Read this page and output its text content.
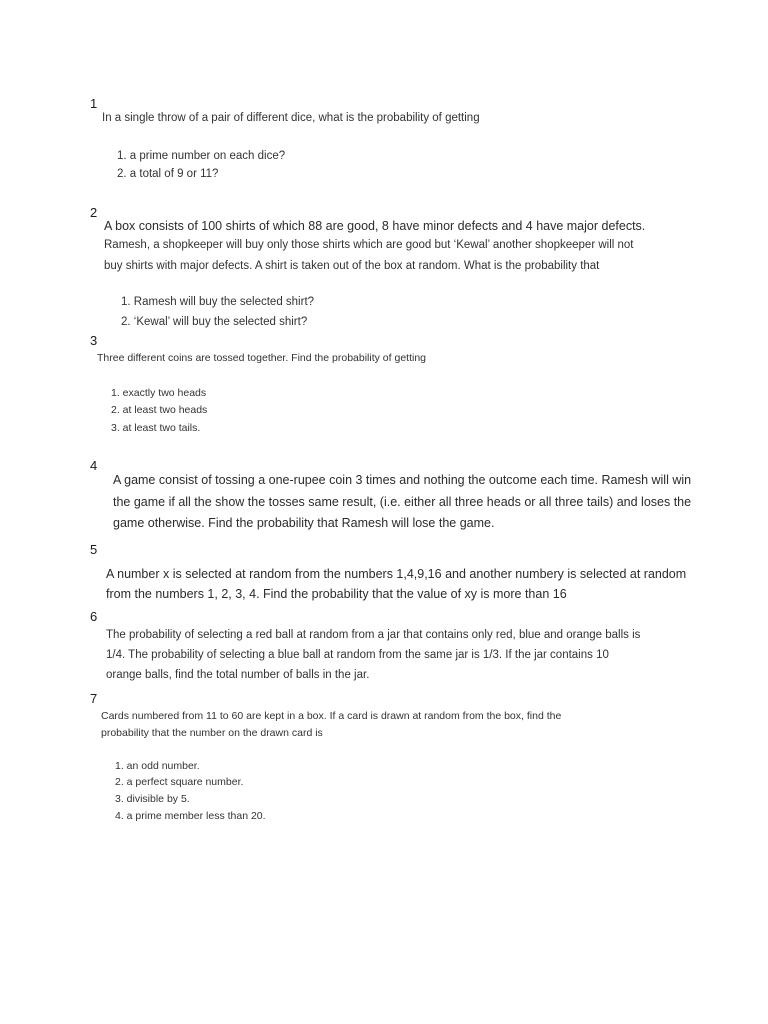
1
In a single throw of a pair of different dice, what is the probability of getting
1. a prime number on each dice?
2. a total of 9 or 11?
2
A box consists of 100 shirts of which 88 are good, 8 have minor defects and 4 have major defects.
Ramesh, a shopkeeper will buy only those shirts which are good but ‘Kewal’ another shopkeeper will not
buy shirts with major defects. A shirt is taken out of the box at random. What is the probability that
1. Ramesh will buy the selected shirt?
2. ‘Kewal’ will buy the selected shirt?
3
Three different coins are tossed together. Find the probability of getting
1. exactly two heads
2. at least two heads
3. at least two tails.
4
A game consist of tossing a one-rupee coin 3 times and nothing the outcome each time. Ramesh will win
the game if all the show the tosses same result, (i.e. either all three heads or all three tails) and loses the
game otherwise. Find the probability that Ramesh will lose the game.
5
A number x is selected at random from the numbers 1,4,9,16 and another numbery is selected at random
from the numbers 1, 2, 3, 4. Find the probability that the value of xy is more than 16
6
The probability of selecting a red ball at random from a jar that contains only red, blue and orange balls is
1/4. The probability of selecting a blue ball at random from the same jar is 1/3. If the jar contains 10
orange balls, find the total number of balls in the jar.
7
Cards numbered from 11 to 60 are kept in a box. If a card is drawn at random from the box, find the
probability that the number on the drawn card is
1. an odd number.
2. a perfect square number.
3. divisible by 5.
4. a prime member less than 20.
